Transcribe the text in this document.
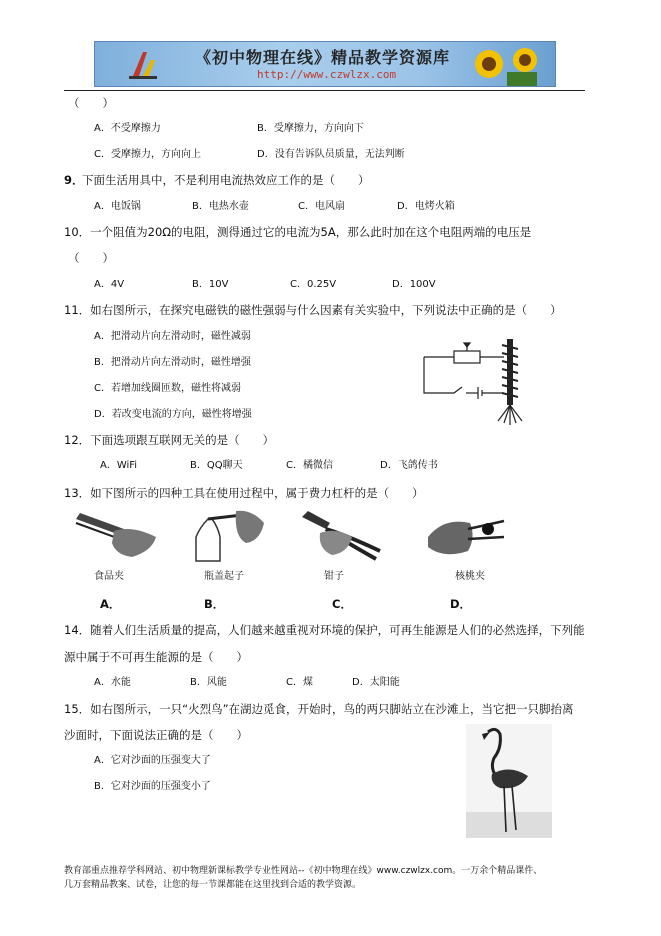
《初中物理在线》精品教学资源库
http://www.czwlzx.com
（　　）
A．不受摩擦力	B．受摩擦力，方向向下
C．受摩擦力，方向向上	D．没有告诉队员质量，无法判断
9．
下面生活用具中，不是利用电流热效应工作的是（　　）
A．电饭锅	B．电热水壶	C．电风扇	D．电烤火箱
10．一个阻值为20Ω的电阻，测得通过它的电流为5A，那么此时加在这个电阻两端的电压是
（　　）
A．4V	B．10V	C．0.25V	D．100V
11．如右图所示，在探究电磁铁的磁性强弱与什么因素有关实验中，下列说法中正确的是（　　）
A．把滑动片向左滑动时，磁性减弱
B．把滑动片向左滑动时，磁性增强
C．若增加线圈匝数，磁性将减弱
D．若改变电流的方向，磁性将增强
12．下面选项跟互联网无关的是（　　）
A．WiFi	B．QQ聊天	C．橘微信	D．飞鸽传书
13．如下图所示的四种工具在使用过程中，属于费力杠杆的是（　　）
食品夹	瓶盖起子	钳子	核桃夹
A．	B．	C．	D．
14．随着人们生活质量的提高，人们越来越重视对环境的保护，可再生能源是人们的必然选择，下列能
源中属于不可再生能源的是（　　）
A．水能	B．风能	C．煤	D．太阳能
15．如右图所示，一只“火烈鸟”在湖边觅食，开始时，鸟的两只脚站立在沙滩上，当它把一只脚抬离
沙面时，下面说法正确的是（　　）
A．它对沙面的压强变大了
B．它对沙面的压强变小了
教育部重点推荐学科网站、初中物理新课标教学专业性网站--《初中物理在线》www.czwlzx.com。一万余个精品课件、
几万套精品教案、试卷，让您的每一节课都能在这里找到合适的教学资源。
